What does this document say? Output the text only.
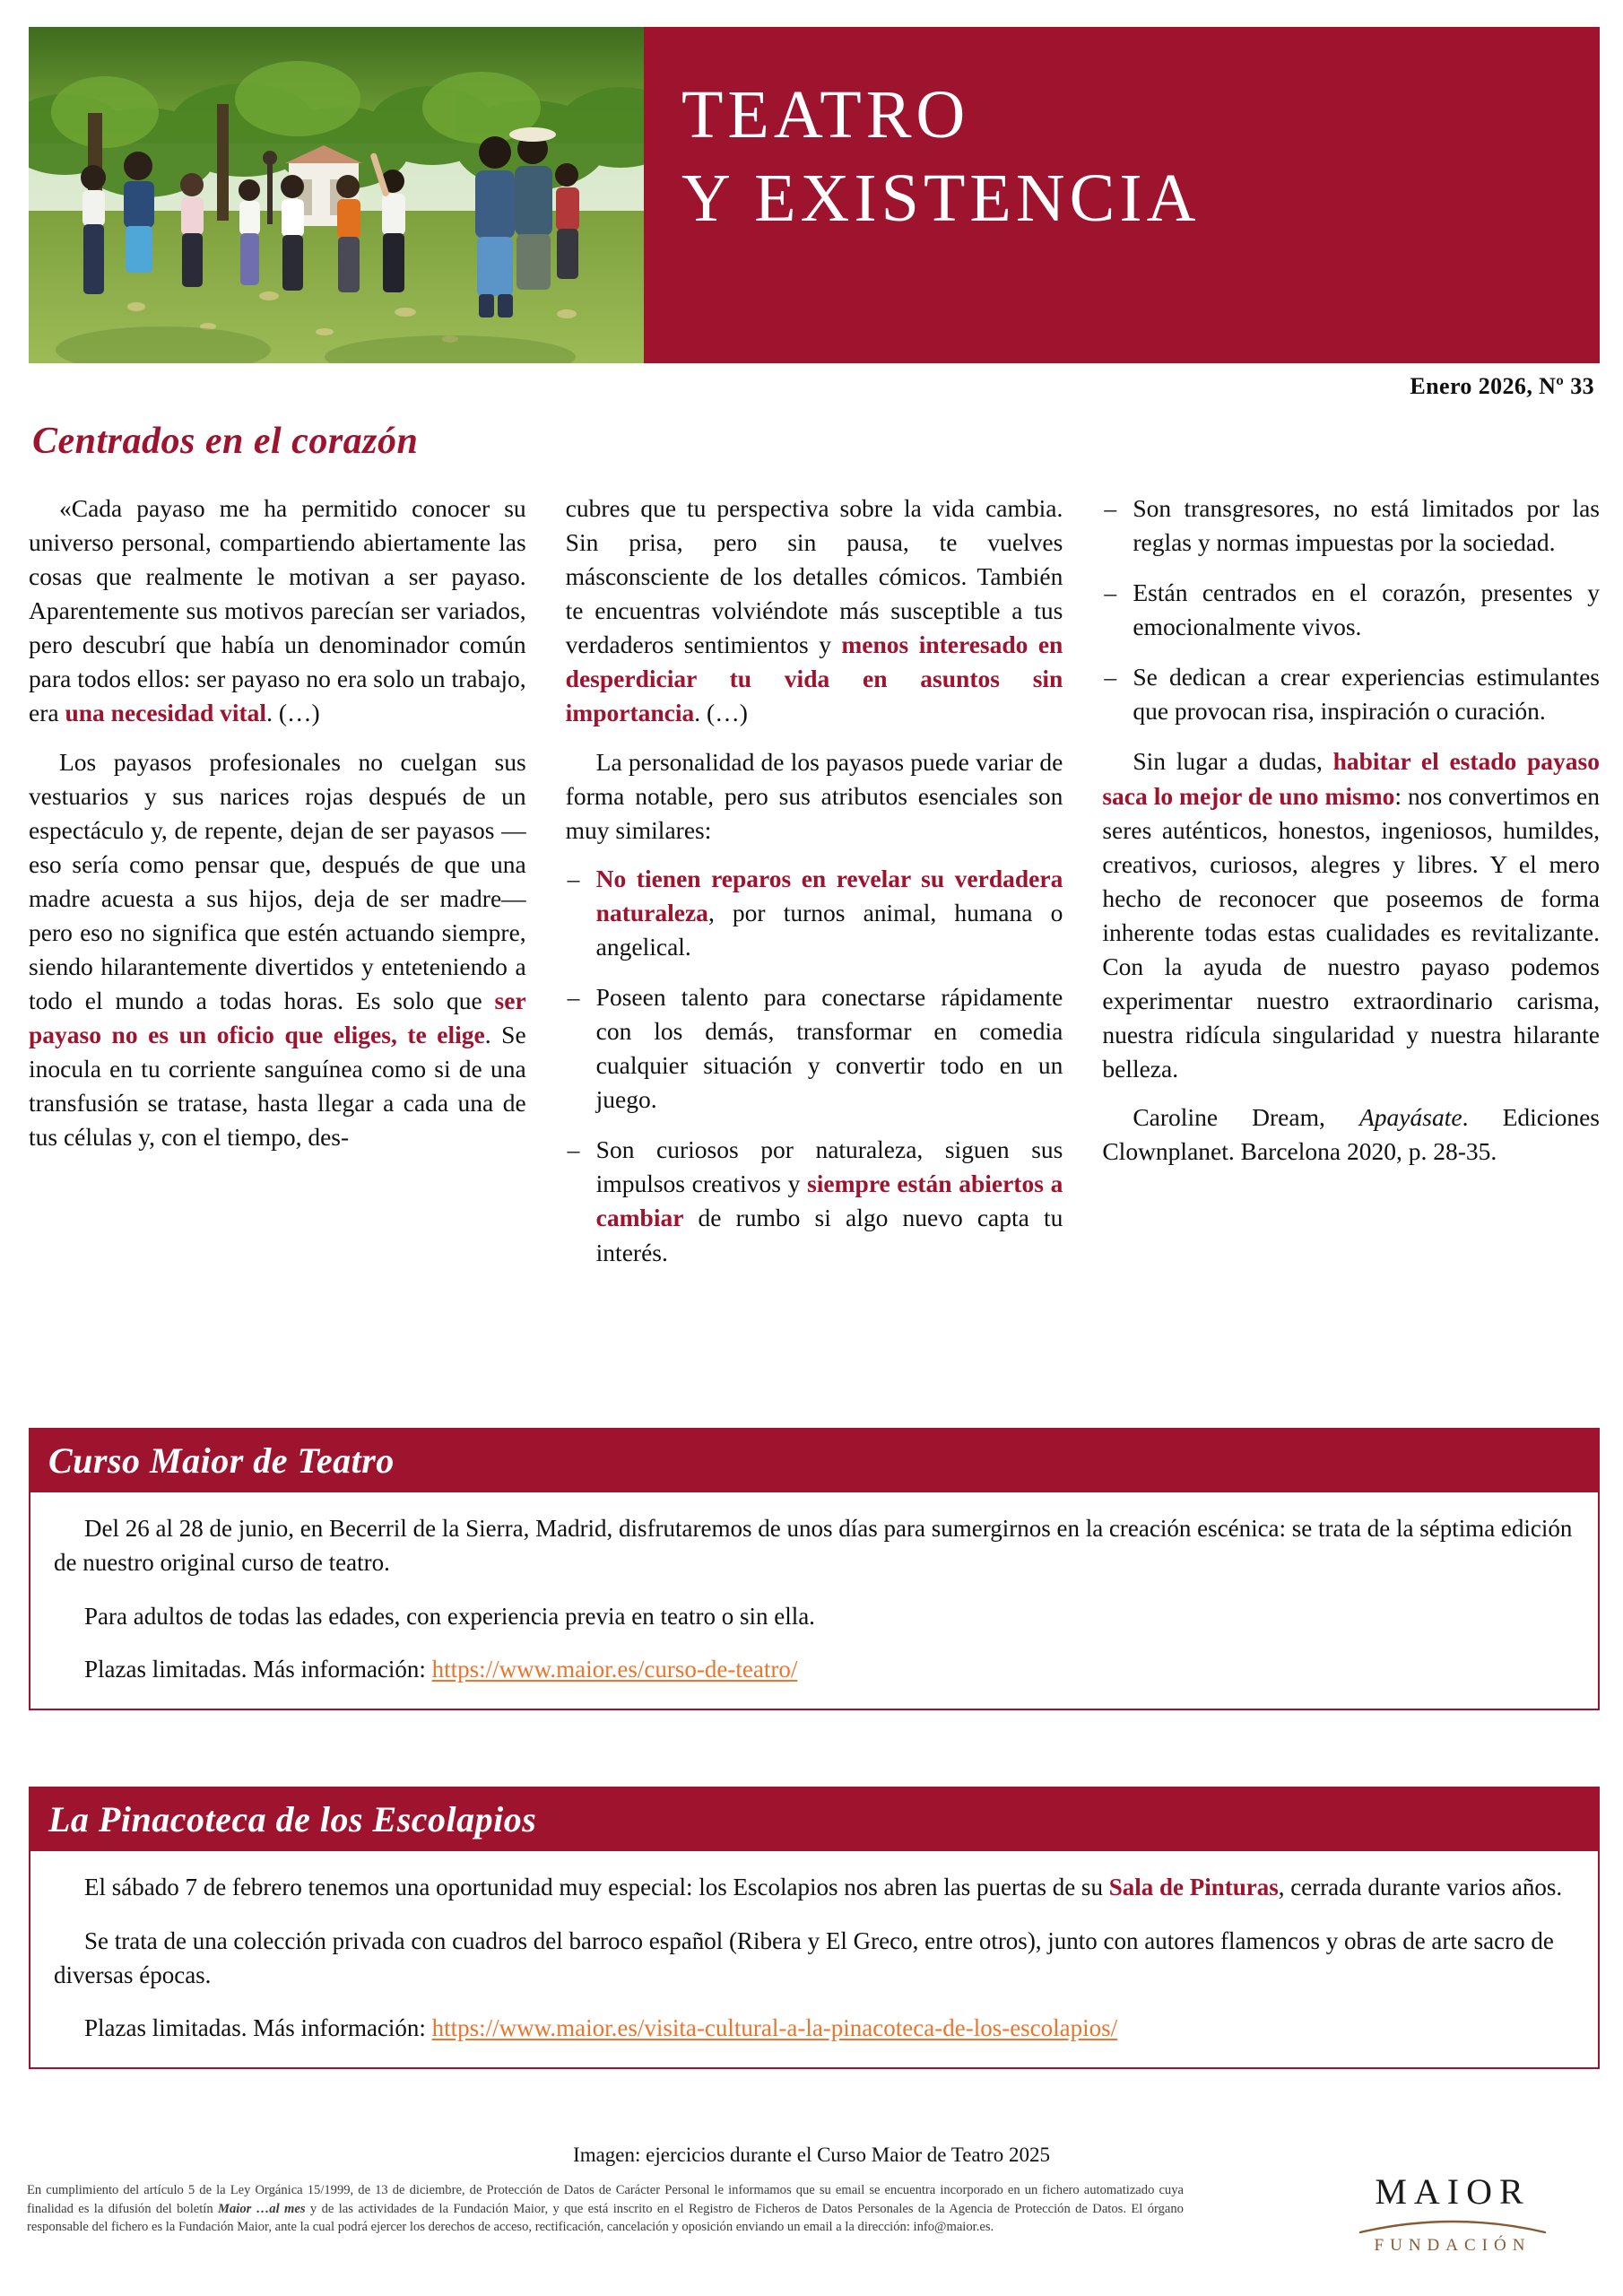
TEATRO
Y EXISTENCIA
Enero 2026, Nº 33
Centrados en el corazón

«Cada payaso me ha permitido conocer su universo personal, compartiendo abiertamente las cosas que realmente le motivan a ser payaso. Aparentemente sus motivos parecían ser variados, pero descubrí que había un denominador común para todos ellos: ser payaso no era solo un trabajo, era una necesidad vital. (…)

Los payasos profesionales no cuelgan sus vestuarios y sus narices rojas después de un espectáculo y, de repente, dejan de ser payasos —eso sería como pensar que, después de que una madre acuesta a sus hijos, deja de ser madre— pero eso no significa que estén actuando siempre, siendo hilarantemente divertidos y enteteniendo a todo el mundo a todas horas. Es solo que ser payaso no es un oficio que eliges, te elige. Se inocula en tu corriente sanguínea como si de una transfusión se tratase, hasta llegar a cada una de tus células y, con el tiempo, des-

cubres que tu perspectiva sobre la vida cambia. Sin prisa, pero sin pausa, te vuelves másconsciente de los detalles cómicos. También te encuentras volviéndote más susceptible a tus verdaderos sentimientos y menos interesado en desperdiciar tu vida en asuntos sin importancia. (…)

La personalidad de los payasos puede variar de forma notable, pero sus atributos esenciales son muy similares:

– No tienen reparos en revelar su verdadera naturaleza, por turnos animal, humana o angelical.
– Poseen talento para conectarse rápidamente con los demás, transformar en comedia cualquier situación y convertir todo en un juego.
– Son curiosos por naturaleza, siguen sus impulsos creativos y siempre están abiertos a cambiar de rumbo si algo nuevo capta tu interés.
– Son transgresores, no está limitados por las reglas y normas impuestas por la sociedad.
– Están centrados en el corazón, presentes y emocionalmente vivos.
– Se dedican a crear experiencias estimulantes que provocan risa, inspiración o curación.

Sin lugar a dudas, habitar el estado payaso saca lo mejor de uno mismo: nos convertimos en seres auténticos, honestos, ingeniosos, humildes, creativos, curiosos, alegres y libres. Y el mero hecho de reconocer que poseemos de forma inherente todas estas cualidades es revitalizante. Con la ayuda de nuestro payaso podemos experimentar nuestro extraordinario carisma, nuestra ridícula singularidad y nuestra hilarante belleza.

Caroline Dream, Apayásate. Ediciones Clownplanet. Barcelona 2020, p. 28-35.

Curso Maior de Teatro

Del 26 al 28 de junio, en Becerril de la Sierra, Madrid, disfrutaremos de unos días para sumergirnos en la creación escénica: se trata de la séptima edición de nuestro original curso de teatro.

Para adultos de todas las edades, con experiencia previa en teatro o sin ella.

Plazas limitadas. Más información: https://www.maior.es/curso-de-teatro/

La Pinacoteca de los Escolapios

El sábado 7 de febrero tenemos una oportunidad muy especial: los Escolapios nos abren las puertas de su Sala de Pinturas, cerrada durante varios años.

Se trata de una colección privada con cuadros del barroco español (Ribera y El Greco, entre otros), junto con autores flamencos y obras de arte sacro de diversas épocas.

Plazas limitadas. Más información: https://www.maior.es/visita-cultural-a-la-pinacoteca-de-los-escolapios/

Imagen: ejercicios durante el Curso Maior de Teatro 2025
En cumplimiento del artículo 5 de la Ley Orgánica 15/1999, de 13 de diciembre, de Protección de Datos de Carácter Personal le informamos que su email se encuentra incorporado en un fichero automatizado cuya finalidad es la difusión del boletín Maior …al mes y de las actividades de la Fundación Maior, y que está inscrito en el Registro de Ficheros de Datos Personales de la Agencia de Protección de Datos. El órgano responsable del fichero es la Fundación Maior, ante la cual podrá ejercer los derechos de acceso, rectificación, cancelación y oposición enviando un email a la dirección: info@maior.es.
MAIOR
FUNDACIÓN
